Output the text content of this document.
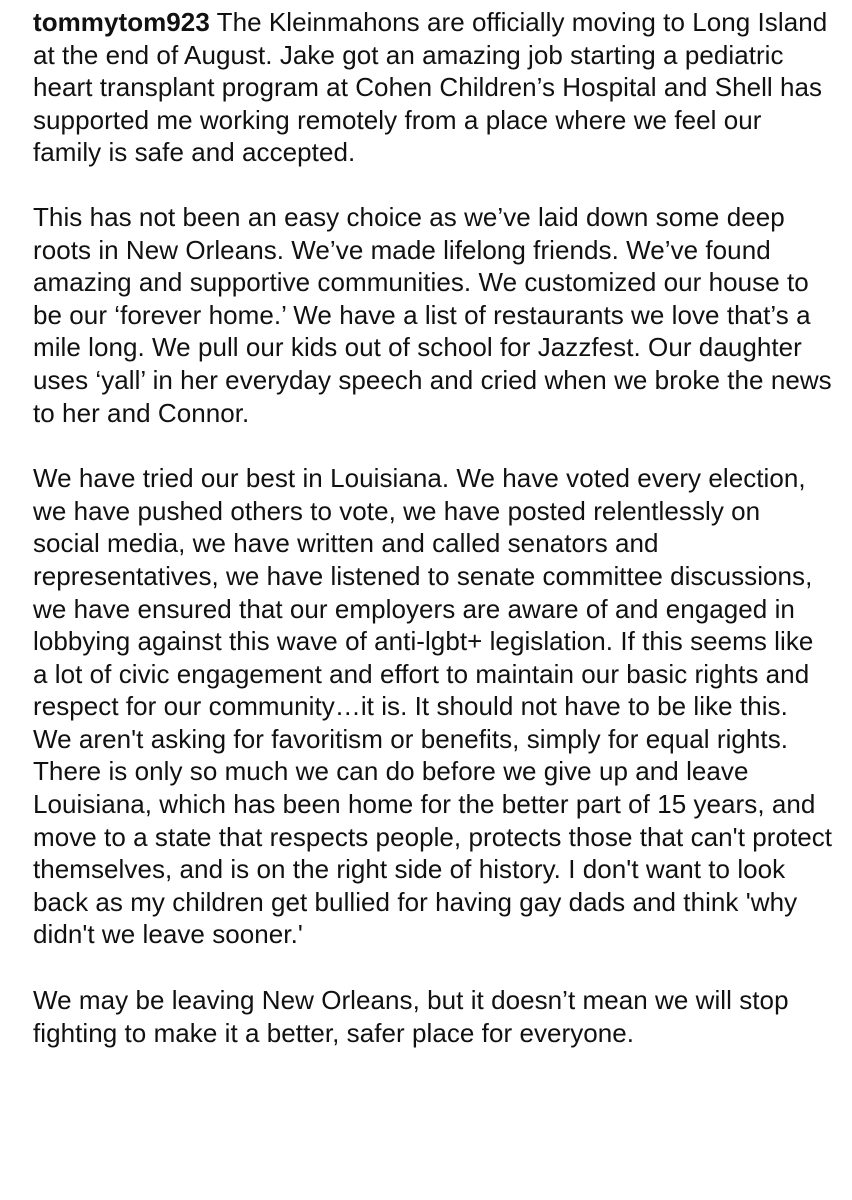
tommytom923 The Kleinmahons are officially moving to Long Island at the end of August. Jake got an amazing job starting a pediatric heart transplant program at Cohen Children’s Hospital and Shell has supported me working remotely from a place where we feel our family is safe and accepted.

This has not been an easy choice as we’ve laid down some deep roots in New Orleans. We’ve made lifelong friends. We’ve found amazing and supportive communities. We customized our house to be our ‘forever home.’ We have a list of restaurants we love that’s a mile long. We pull our kids out of school for Jazzfest. Our daughter uses ‘yall’ in her everyday speech and cried when we broke the news to her and Connor.

We have tried our best in Louisiana. We have voted every election, we have pushed others to vote, we have posted relentlessly on social media, we have written and called senators and representatives, we have listened to senate committee discussions, we have ensured that our employers are aware of and engaged in lobbying against this wave of anti-lgbt+ legislation. If this seems like a lot of civic engagement and effort to maintain our basic rights and respect for our community…it is. It should not have to be like this. We aren't asking for favoritism or benefits, simply for equal rights. There is only so much we can do before we give up and leave Louisiana, which has been home for the better part of 15 years, and move to a state that respects people, protects those that can't protect themselves, and is on the right side of history. I don't want to look back as my children get bullied for having gay dads and think 'why didn't we leave sooner.'

We may be leaving New Orleans, but it doesn’t mean we will stop fighting to make it a better, safer place for everyone.
